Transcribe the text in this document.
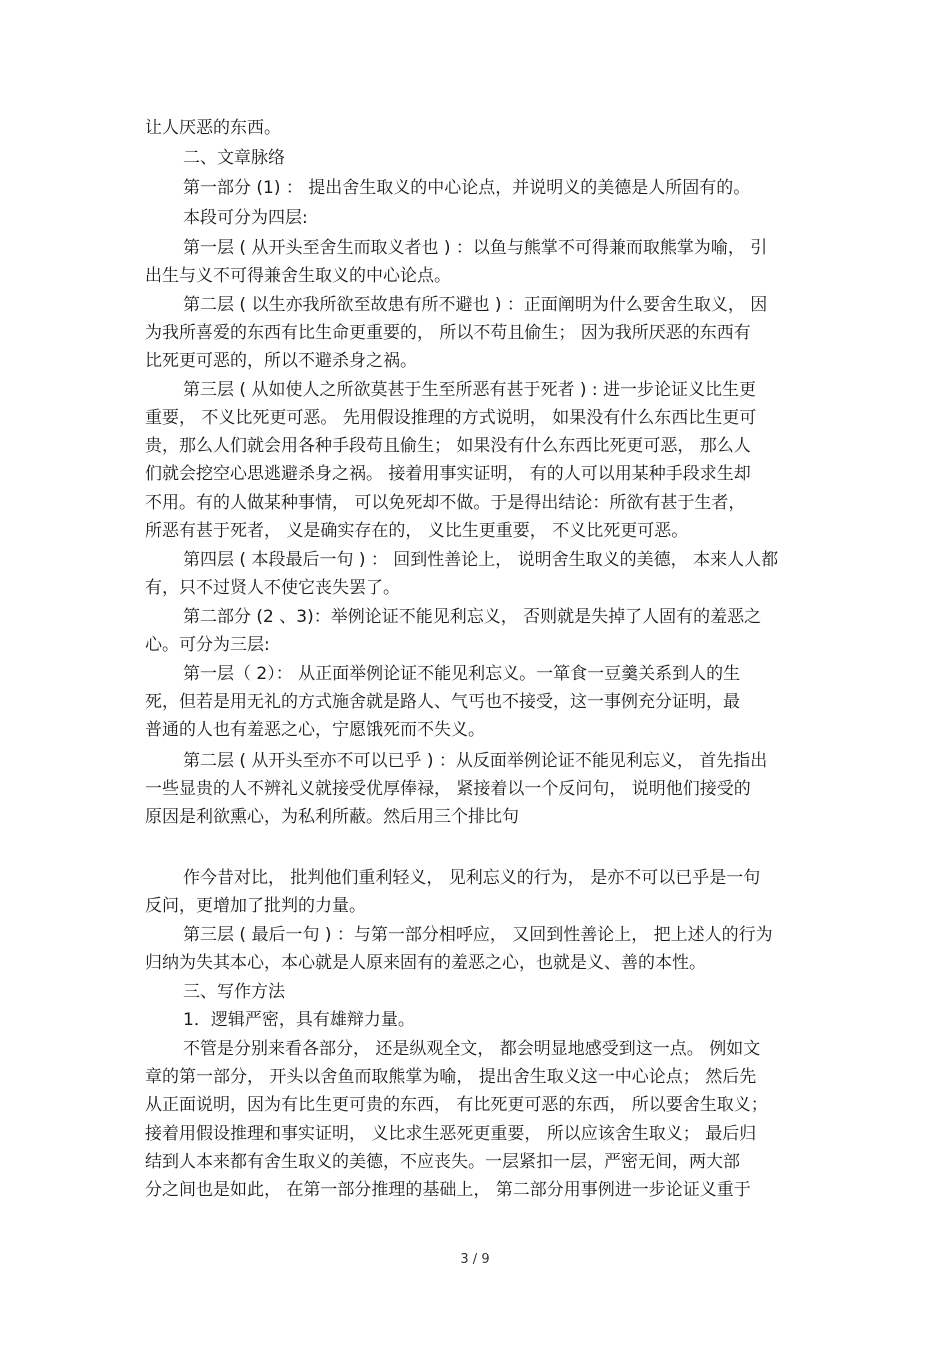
让人厌恶的东西。
二、文章脉络
第一部分 (1) ： 提出舍生取义的中心论点，并说明义的美德是人所固有的。
本段可分为四层:
第一层 ( 从开头至舍生而取义者也 ) ：以鱼与熊掌不可得兼而取熊掌为喻， 引
出生与义不可得兼舍生取义的中心论点。
第二层 ( 以生亦我所欲至故患有所不避也 ) ：正面阐明为什么要舍生取义， 因
为我所喜爱的东西有比生命更重要的， 所以不苟且偷生； 因为我所厌恶的东西有
比死更可恶的，所以不避杀身之祸。
第三层 ( 从如使人之所欲莫甚于生至所恶有甚于死者 ) : 进一步论证义比生更
重要， 不义比死更可恶。 先用假设推理的方式说明， 如果没有什么东西比生更可
贵，那么人们就会用各种手段苟且偷生； 如果没有什么东西比死更可恶， 那么人
们就会挖空心思逃避杀身之祸。 接着用事实证明， 有的人可以用某种手段求生却
不用。有的人做某种事情， 可以免死却不做。于是得出结论：所欲有甚于生者，
所恶有甚于死者， 义是确实存在的， 义比生更重要， 不义比死更可恶。
第四层 ( 本段最后一句 ) ： 回到性善论上， 说明舍生取义的美德， 本来人人都
有，只不过贤人不使它丧失罢了。
第二部分 (2 、3)：举例论证不能见利忘义， 否则就是失掉了人固有的羞恶之
心。可分为三层:
第一层（ 2）： 从正面举例论证不能见利忘义。一箪食一豆羹关系到人的生
死，但若是用无礼的方式施舍就是路人、气丐也不接受，这一事例充分证明，最
普通的人也有羞恶之心，宁愿饿死而不失义。
第二层 ( 从开头至亦不可以已乎 ) ：从反面举例论证不能见利忘义， 首先指出
一些显贵的人不辨礼义就接受优厚俸禄， 紧接着以一个反问句， 说明他们接受的
原因是利欲熏心，为私利所蔽。然后用三个排比句
作今昔对比， 批判他们重利轻义， 见利忘义的行为， 是亦不可以已乎是一句
反问，更增加了批判的力量。
第三层 ( 最后一句 ) ：与第一部分相呼应， 又回到性善论上， 把上述人的行为
归纳为失其本心，本心就是人原来固有的羞恶之心，也就是义、善的本性。
三、写作方法
1．逻辑严密，具有雄辩力量。
不管是分别来看各部分， 还是纵观全文， 都会明显地感受到这一点。 例如文
章的第一部分， 开头以舍鱼而取熊掌为喻， 提出舍生取义这一中心论点； 然后先
从正面说明，因为有比生更可贵的东西， 有比死更可恶的东西， 所以要舍生取义；
接着用假设推理和事实证明， 义比求生恶死更重要， 所以应该舍生取义； 最后归
结到人本来都有舍生取义的美德，不应丧失。一层紧扣一层，严密无间，两大部
分之间也是如此， 在第一部分推理的基础上， 第二部分用事例进一步论证义重于
3 / 9
